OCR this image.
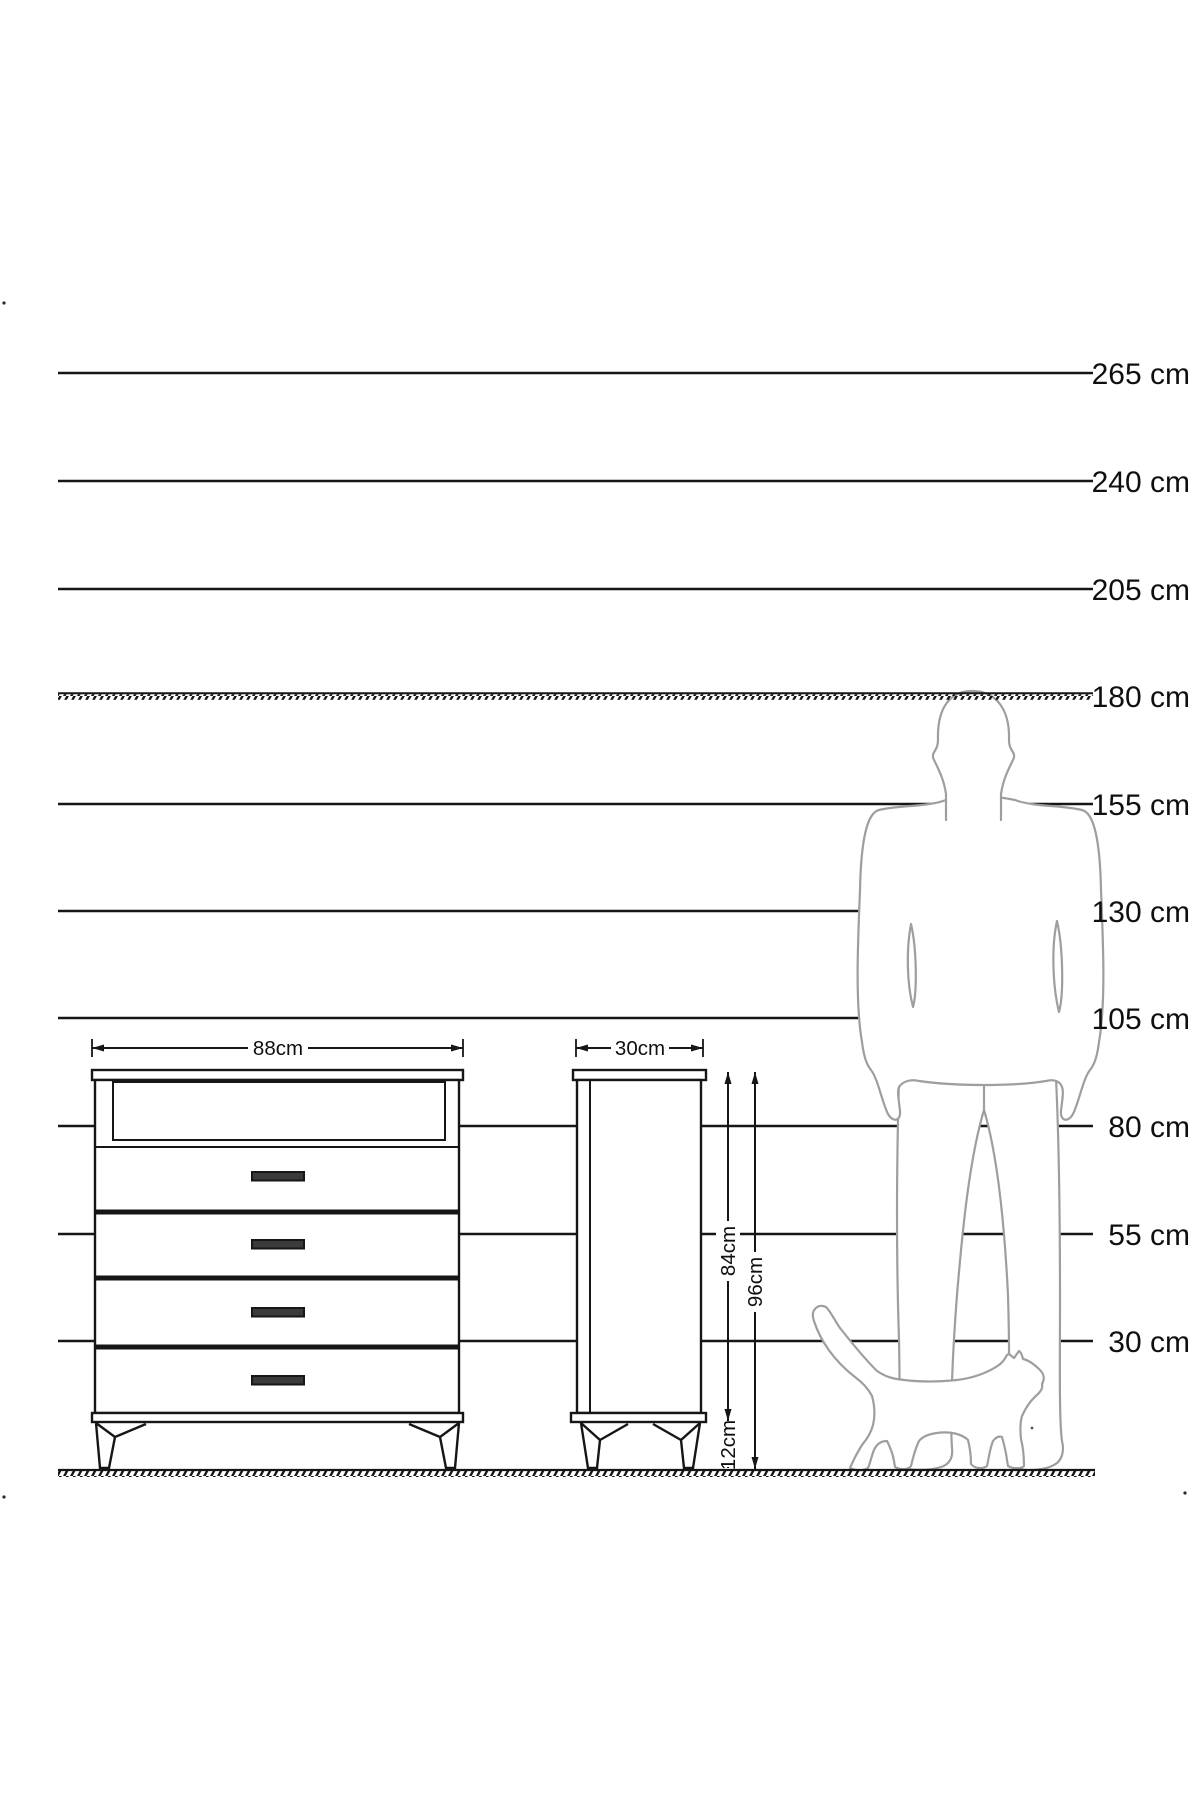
88cm	30cm
84cm
96cm
12cm
265 cm
240 cm
205 cm
180 cm
155 cm
130 cm
105 cm
80 cm
55 cm
30 cm
